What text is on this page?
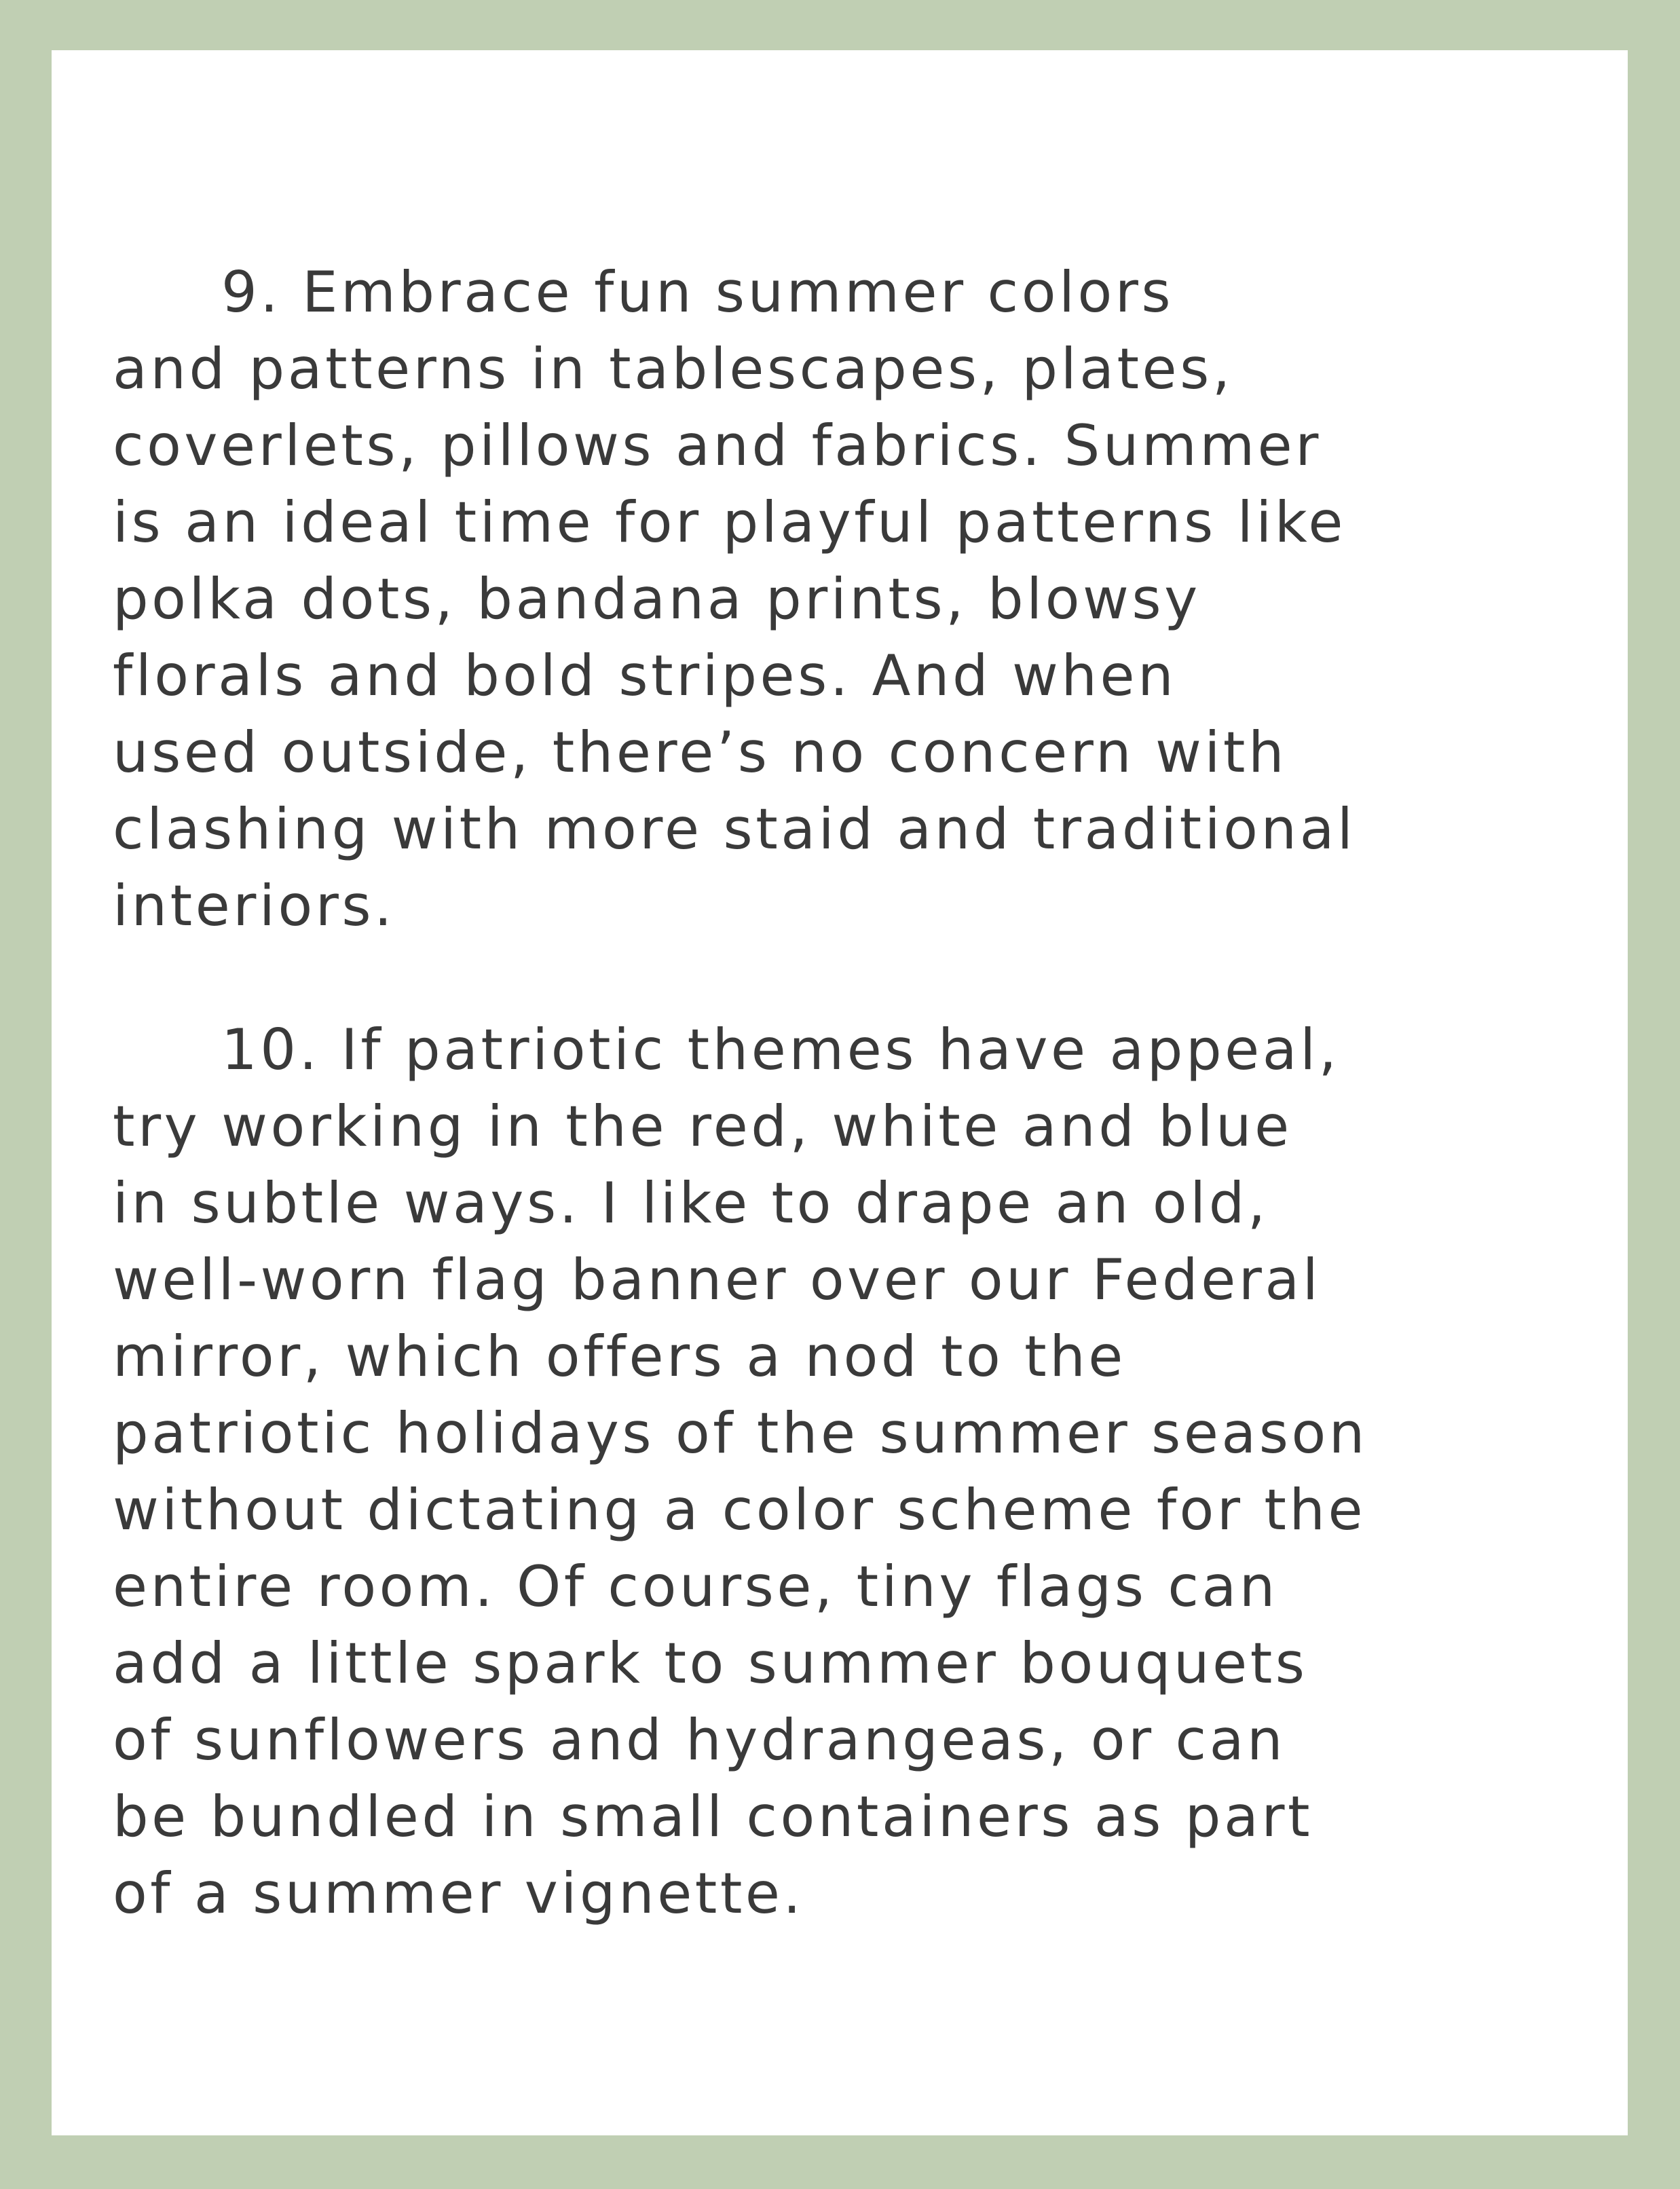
9. Embrace fun summer colors
and patterns in tablescapes, plates,
coverlets, pillows and fabrics. Summer
is an ideal time for playful patterns like
polka dots, bandana prints, blowsy
florals and bold stripes. And when
used outside, there’s no concern with
clashing with more staid and traditional
interiors.

10. If patriotic themes have appeal,
try working in the red, white and blue
in subtle ways. I like to drape an old,
well-worn flag banner over our Federal
mirror, which offers a nod to the
patriotic holidays of the summer season
without dictating a color scheme for the
entire room. Of course, tiny flags can
add a little spark to summer bouquets
of sunflowers and hydrangeas, or can
be bundled in small containers as part
of a summer vignette.
